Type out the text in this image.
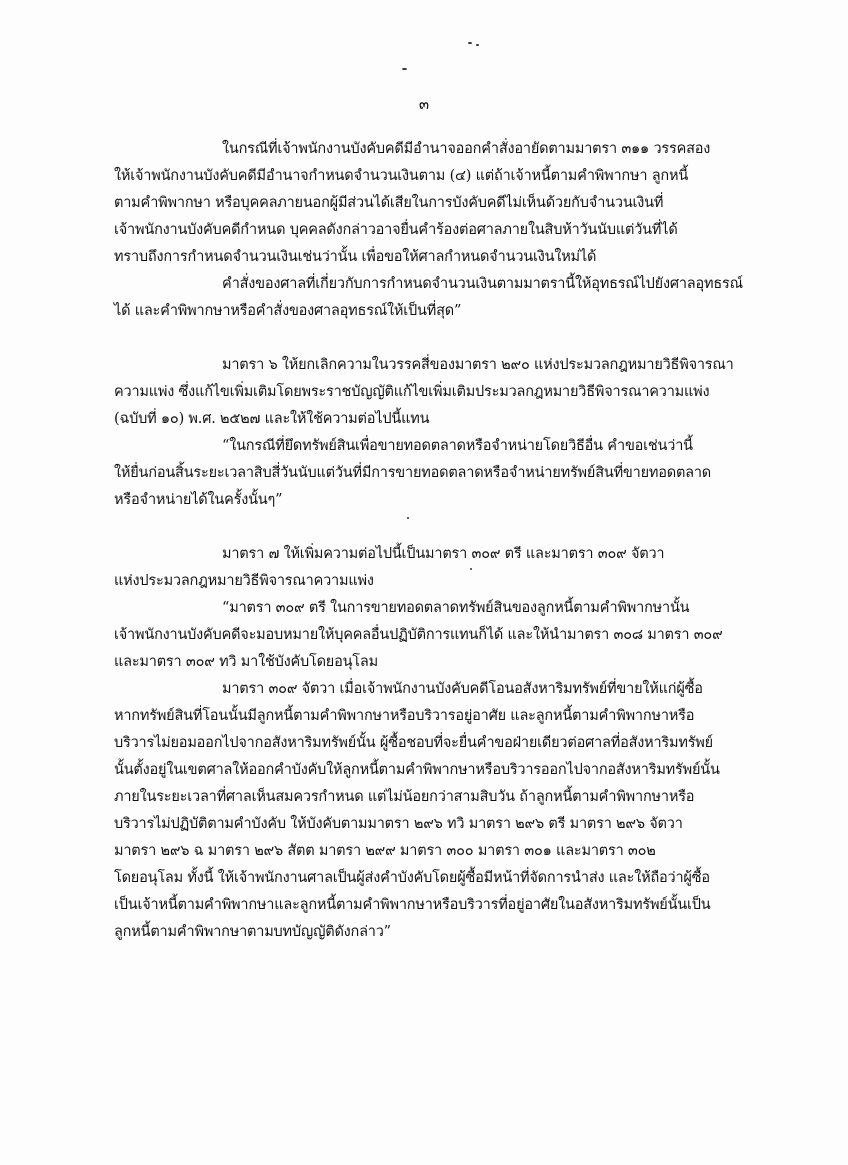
๓

ในกรณีที่เจ้าพนักงานบังคับคดีมีอำนาจออกคำสั่งอายัดตามมาตรา ๓๑๑ วรรคสอง

ให้เจ้าพนักงานบังคับคดีมีอำนาจกำหนดจำนวนเงินตาม (๔) แต่ถ้าเจ้าหนี้ตามคำพิพากษา ลูกหนี้

ตามคำพิพากษา หรือบุคคลภายนอกผู้มีส่วนได้เสียในการบังคับคดีไม่เห็นด้วยกับจำนวนเงินที่

เจ้าพนักงานบังคับคดีกำหนด บุคคลดังกล่าวอาจยื่นคำร้องต่อศาลภายในสิบห้าวันนับแต่วันที่ได้

ทราบถึงการกำหนดจำนวนเงินเช่นว่านั้น เพื่อขอให้ศาลกำหนดจำนวนเงินใหม่ได้

คำสั่งของศาลที่เกี่ยวกับการกำหนดจำนวนเงินตามมาตรานี้ให้อุทธรณ์ไปยังศาลอุทธรณ์

ได้ และคำพิพากษาหรือคำสั่งของศาลอุทธรณ์ให้เป็นที่สุด”

มาตรา ๖ ให้ยกเลิกความในวรรคสี่ของมาตรา ๒๙๐ แห่งประมวลกฎหมายวิธีพิจารณา

ความแพ่ง ซึ่งแก้ไขเพิ่มเติมโดยพระราชบัญญัติแก้ไขเพิ่มเติมประมวลกฎหมายวิธีพิจารณาความแพ่ง

(ฉบับที่ ๑๐) พ.ศ. ๒๕๒๗ และให้ใช้ความต่อไปนี้แทน

“ในกรณีที่ยึดทรัพย์สินเพื่อขายทอดตลาดหรือจำหน่ายโดยวิธีอื่น คำขอเช่นว่านี้

ให้ยื่นก่อนสิ้นระยะเวลาสิบสี่วันนับแต่วันที่มีการขายทอดตลาดหรือจำหน่ายทรัพย์สินที่ขายทอดตลาด

หรือจำหน่ายได้ในครั้งนั้นๆ”

มาตรา ๗ ให้เพิ่มความต่อไปนี้เป็นมาตรา ๓๐๙ ตรี และมาตรา ๓๐๙ จัตวา

แห่งประมวลกฎหมายวิธีพิจารณาความแพ่ง

“มาตรา ๓๐๙ ตรี ในการขายทอดตลาดทรัพย์สินของลูกหนี้ตามคำพิพากษานั้น

เจ้าพนักงานบังคับคดีจะมอบหมายให้บุคคลอื่นปฏิบัติการแทนก็ได้ และให้นำมาตรา ๓๐๘ มาตรา ๓๐๙

และมาตรา ๓๐๙ ทวิ มาใช้บังคับโดยอนุโลม

มาตรา ๓๐๙ จัตวา เมื่อเจ้าพนักงานบังคับคดีโอนอสังหาริมทรัพย์ที่ขายให้แก่ผู้ซื้อ

หากทรัพย์สินที่โอนนั้นมีลูกหนี้ตามคำพิพากษาหรือบริวารอยู่อาศัย และลูกหนี้ตามคำพิพากษาหรือ

บริวารไม่ยอมออกไปจากอสังหาริมทรัพย์นั้น ผู้ซื้อชอบที่จะยื่นคำขอฝ่ายเดียวต่อศาลที่อสังหาริมทรัพย์

นั้นตั้งอยู่ในเขตศาลให้ออกคำบังคับให้ลูกหนี้ตามคำพิพากษาหรือบริวารออกไปจากอสังหาริมทรัพย์นั้น

ภายในระยะเวลาที่ศาลเห็นสมควรกำหนด แต่ไม่น้อยกว่าสามสิบวัน ถ้าลูกหนี้ตามคำพิพากษาหรือ

บริวารไม่ปฏิบัติตามคำบังคับ ให้บังคับตามมาตรา ๒๙๖ ทวิ มาตรา ๒๙๖ ตรี มาตรา ๒๙๖ จัตวา

มาตรา ๒๙๖ ฉ มาตรา ๒๙๖ สัตต มาตรา ๒๙๙ มาตรา ๓๐๐ มาตรา ๓๐๑ และมาตรา ๓๐๒

โดยอนุโลม ทั้งนี้ ให้เจ้าพนักงานศาลเป็นผู้ส่งคำบังคับโดยผู้ซื้อมีหน้าที่จัดการนำส่ง และให้ถือว่าผู้ซื้อ

เป็นเจ้าหนี้ตามคำพิพากษาและลูกหนี้ตามคำพิพากษาหรือบริวารที่อยู่อาศัยในอสังหาริมทรัพย์นั้นเป็น

ลูกหนี้ตามคำพิพากษาตามบทบัญญัติดังกล่าว”
